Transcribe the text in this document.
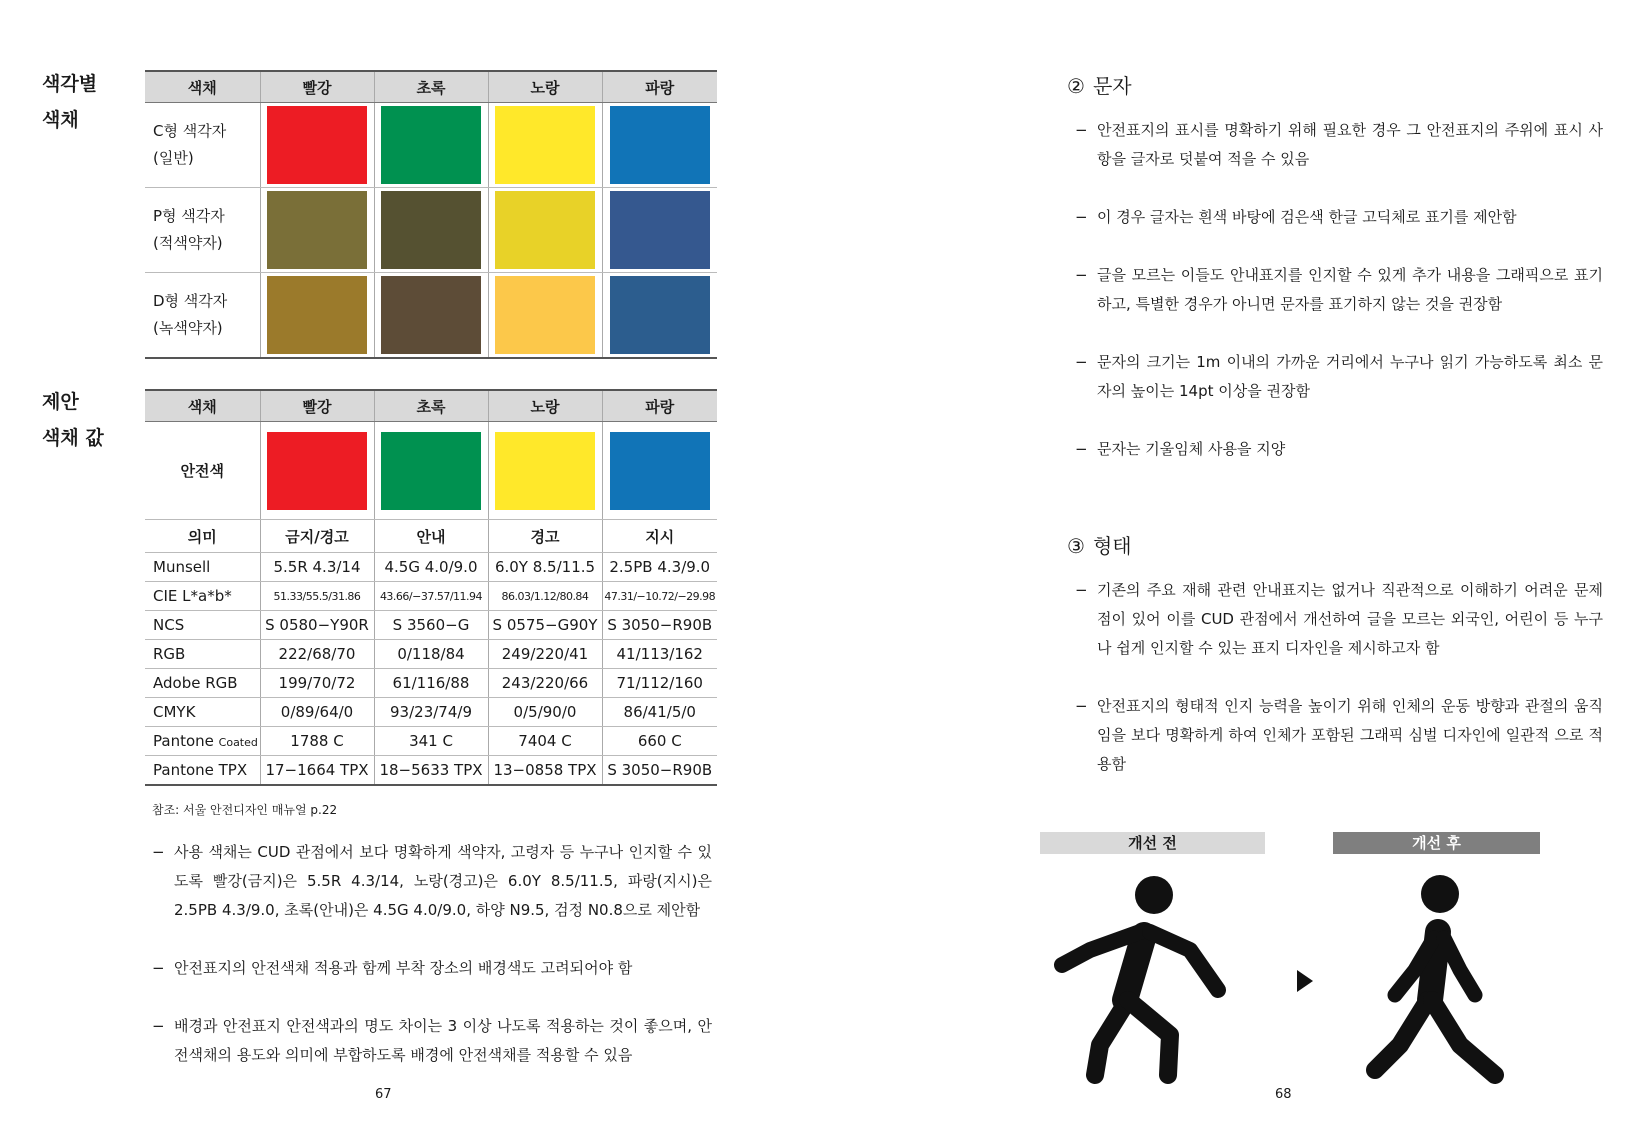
색각별
색채
제안
색채 값
색채	빨강	초록	노랑	파랑

C형 색각자
(일반)				

P형 색각자
(적색약자)				

D형 색각자
(녹색약자)				

색채	빨강	초록	노랑	파랑
안전색	

의미	금지/경고	안내	경고	지시
Munsell	5.5R 4.3/14	4.5G 4.0/9.0	6.0Y 8.5/11.5	2.5PB 4.3/9.0
CIE L*a*b*	51.33/55.5/31.86	43.66/−37.57/11.94	86.03/1.12/80.84	47.31/−10.72/−29.98
NCS	S 0580−Y90R	S 3560−G	S 0575−G90Y	S 3050−R90B
RGB	222/68/70	0/118/84	249/220/41	41/113/162
Adobe RGB	199/70/72	61/116/88	243/220/66	71/112/160
CMYK	0/89/64/0	93/23/74/9	0/5/90/0	86/41/5/0
Pantone Coated	1788 C	341 C	7404 C	660 C
Pantone TPX	17−1664 TPX	18−5633 TPX	13−0858 TPX	S 3050−R90B
참조: 서울 안전디자인 매뉴얼 p.22
− 사용 색채는 CUD 관점에서 보다 명확하게 색약자, 고령자 등 누구나 인지할 수 있도록 빨강(금지)은 5.5R 4.3/14, 노랑(경고)은 6.0Y 8.5/11.5, 파랑(지시)은 2.5PB 4.3/9.0, 초록(안내)은 4.5G 4.0/9.0, 하양 N9.5, 검정 N0.8으로 제안함
− 안전표지의 안전색채 적용과 함께 부착 장소의 배경색도 고려되어야 함
− 배경과 안전표지 안전색과의 명도 차이는 3 이상 나도록 적용하는 것이 좋으며, 안전색채의 용도와 의미에 부합하도록 배경에 안전색채를 적용할 수 있음
67
② 문자
− 안전표지의 표시를 명확하기 위해 필요한 경우 그 안전표지의 주위에 표시 사항을 글자로 덧붙여 적을 수 있음
− 이 경우 글자는 흰색 바탕에 검은색 한글 고딕체로 표기를 제안함
− 글을 모르는 이들도 안내표지를 인지할 수 있게 추가 내용을 그래픽으로 표기 하고, 특별한 경우가 아니면 문자를 표기하지 않는 것을 권장함
− 문자의 크기는 1m 이내의 가까운 거리에서 누구나 읽기 가능하도록 최소 문자의 높이는 14pt 이상을 권장함
− 문자는 기울임체 사용을 지양
③ 형태
− 기존의 주요 재해 관련 안내표지는 없거나 직관적으로 이해하기 어려운 문제점이 있어 이를 CUD 관점에서 개선하여 글을 모르는 외국인, 어린이 등 누구나 쉽게 인지할 수 있는 표지 디자인을 제시하고자 함
− 안전표지의 형태적 인지 능력을 높이기 위해 인체의 운동 방향과 관절의 움직임을 보다 명확하게 하여 인체가 포함된 그래픽 심벌 디자인에 일관적 으로 적용함
68
개선 전	개선 후
